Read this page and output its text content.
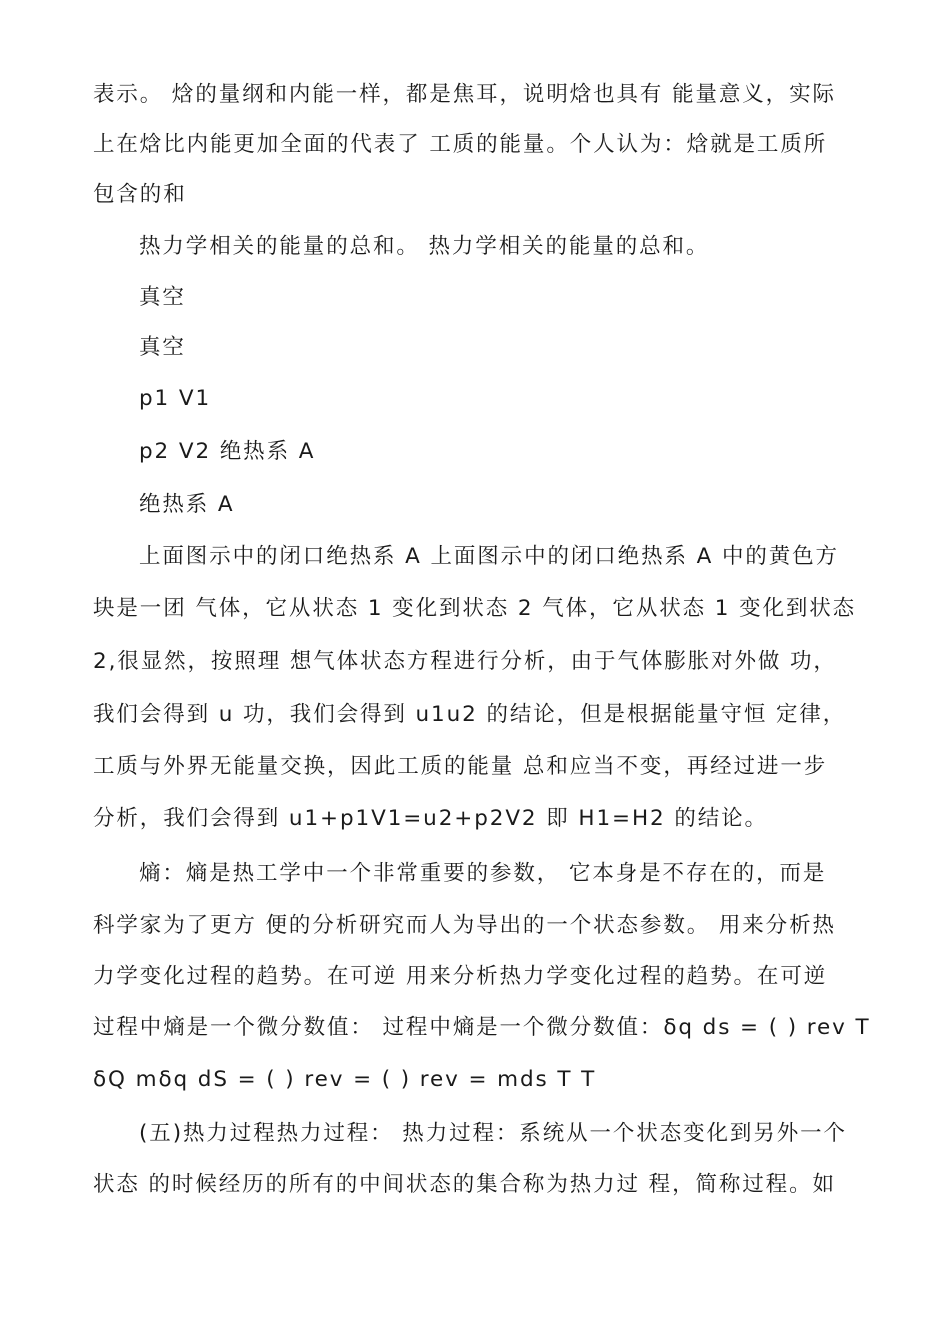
表示。 焓的量纲和内能一样，都是焦耳，说明焓也具有 能量意义，实际
上在焓比内能更加全面的代表了 工质的能量。个人认为：焓就是工质所
包含的和
热力学相关的能量的总和。 热力学相关的能量的总和。
真空
真空
p1 V1
p2 V2 绝热系 A
绝热系 A
上面图示中的闭口绝热系 A 上面图示中的闭口绝热系 A 中的黄色方
块是一团 气体，它从状态 1 变化到状态 2 气体，它从状态 1 变化到状态
2,很显然，按照理 想气体状态方程进行分析，由于气体膨胀对外做 功，
我们会得到 u 功，我们会得到 u1u2 的结论，但是根据能量守恒 定律，
工质与外界无能量交换，因此工质的能量 总和应当不变，再经过进一步
分析，我们会得到 u1+p1V1=u2+p2V2 即 H1=H2 的结论。
熵：熵是热工学中一个非常重要的参数， 它本身是不存在的，而是
科学家为了更方 便的分析研究而人为导出的一个状态参数。 用来分析热
力学变化过程的趋势。在可逆 用来分析热力学变化过程的趋势。在可逆
过程中熵是一个微分数值： 过程中熵是一个微分数值：δq ds = ( ) rev T
δQ mδq dS = ( ) rev = ( ) rev = mds T T
(五)热力过程热力过程： 热力过程：系统从一个状态变化到另外一个
状态 的时候经历的所有的中间状态的集合称为热力过 程，简称过程。如
